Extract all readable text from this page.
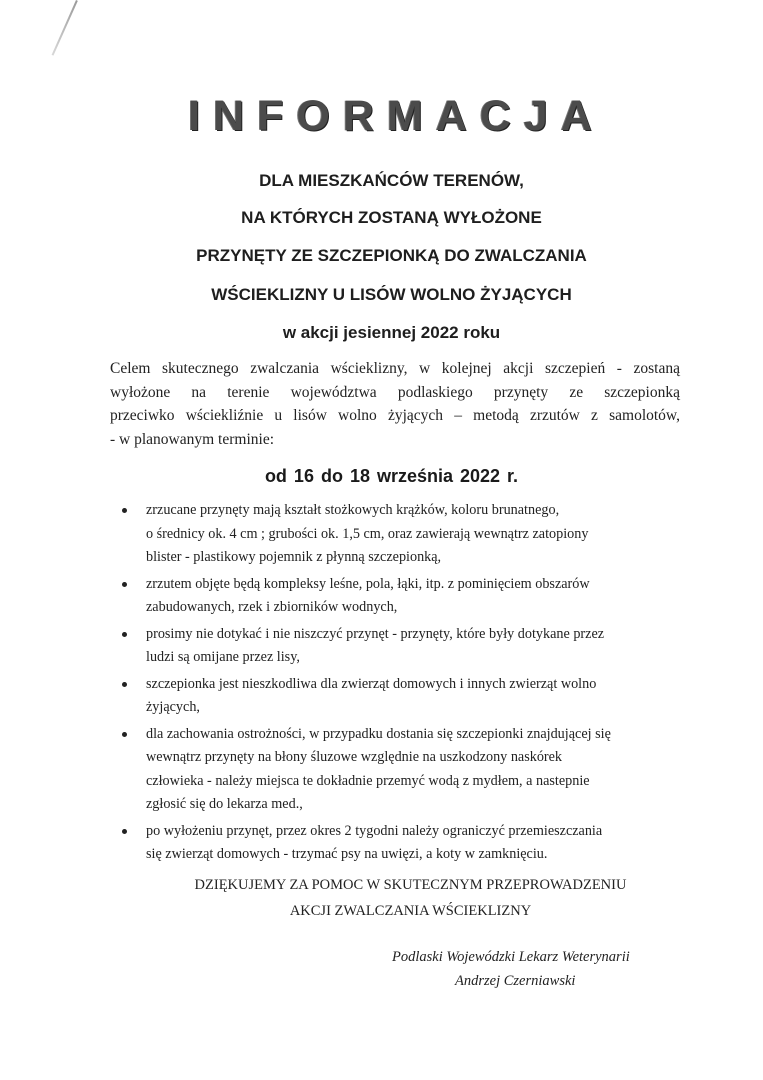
INFORMACJA
DLA MIESZKAŃCÓW TERENÓW,
NA KTÓRYCH ZOSTANĄ WYŁOŻONE
PRZYNĘTY ZE SZCZEPIONKĄ DO ZWALCZANIA
WŚCIEKLIZNY U LISÓW WOLNO ŻYJĄCYCH
w akcji jesiennej 2022 roku
Celem skutecznego zwalczania wścieklizny, w kolejnej akcji szczepień - zostaną
wyłożone na terenie województwa podlaskiego przynęty ze szczepionką
przeciwko wściekliźnie u lisów wolno żyjących – metodą zrzutów z samolotów,
- w planowanym terminie:
od 16 do 18 września 2022 r.
zrzucane przynęty mają kształt stożkowych krążków, koloru brunatnego,
o średnicy ok. 4 cm ; grubości ok. 1,5 cm, oraz zawierają wewnątrz zatopiony
blister - plastikowy pojemnik z płynną szczepionką,
zrzutem objęte będą kompleksy leśne, pola, łąki, itp. z pominięciem obszarów
zabudowanych, rzek i zbiorników wodnych,
prosimy nie dotykać i nie niszczyć przynęt - przynęty, które były dotykane przez
ludzi są omijane przez lisy,
szczepionka jest nieszkodliwa dla zwierząt domowych i innych zwierząt wolno
żyjących,
dla zachowania ostrożności, w przypadku dostania się szczepionki znajdującej się
wewnątrz przynęty na błony śluzowe względnie na uszkodzony naskórek
człowieka - należy miejsca te dokładnie przemyć wodą z mydłem, a nastepnie
zgłosić się do lekarza med.,
po wyłożeniu przynęt, przez okres 2 tygodni należy ograniczyć przemieszczania
się zwierząt domowych - trzymać psy na uwięzi, a koty w zamknięciu.
DZIĘKUJEMY ZA POMOC W SKUTECZNYM PRZEPROWADZENIU
AKCJI ZWALCZANIA WŚCIEKLIZNY
Podlaski Wojewódzki Lekarz Weterynarii
Andrzej Czerniawski
